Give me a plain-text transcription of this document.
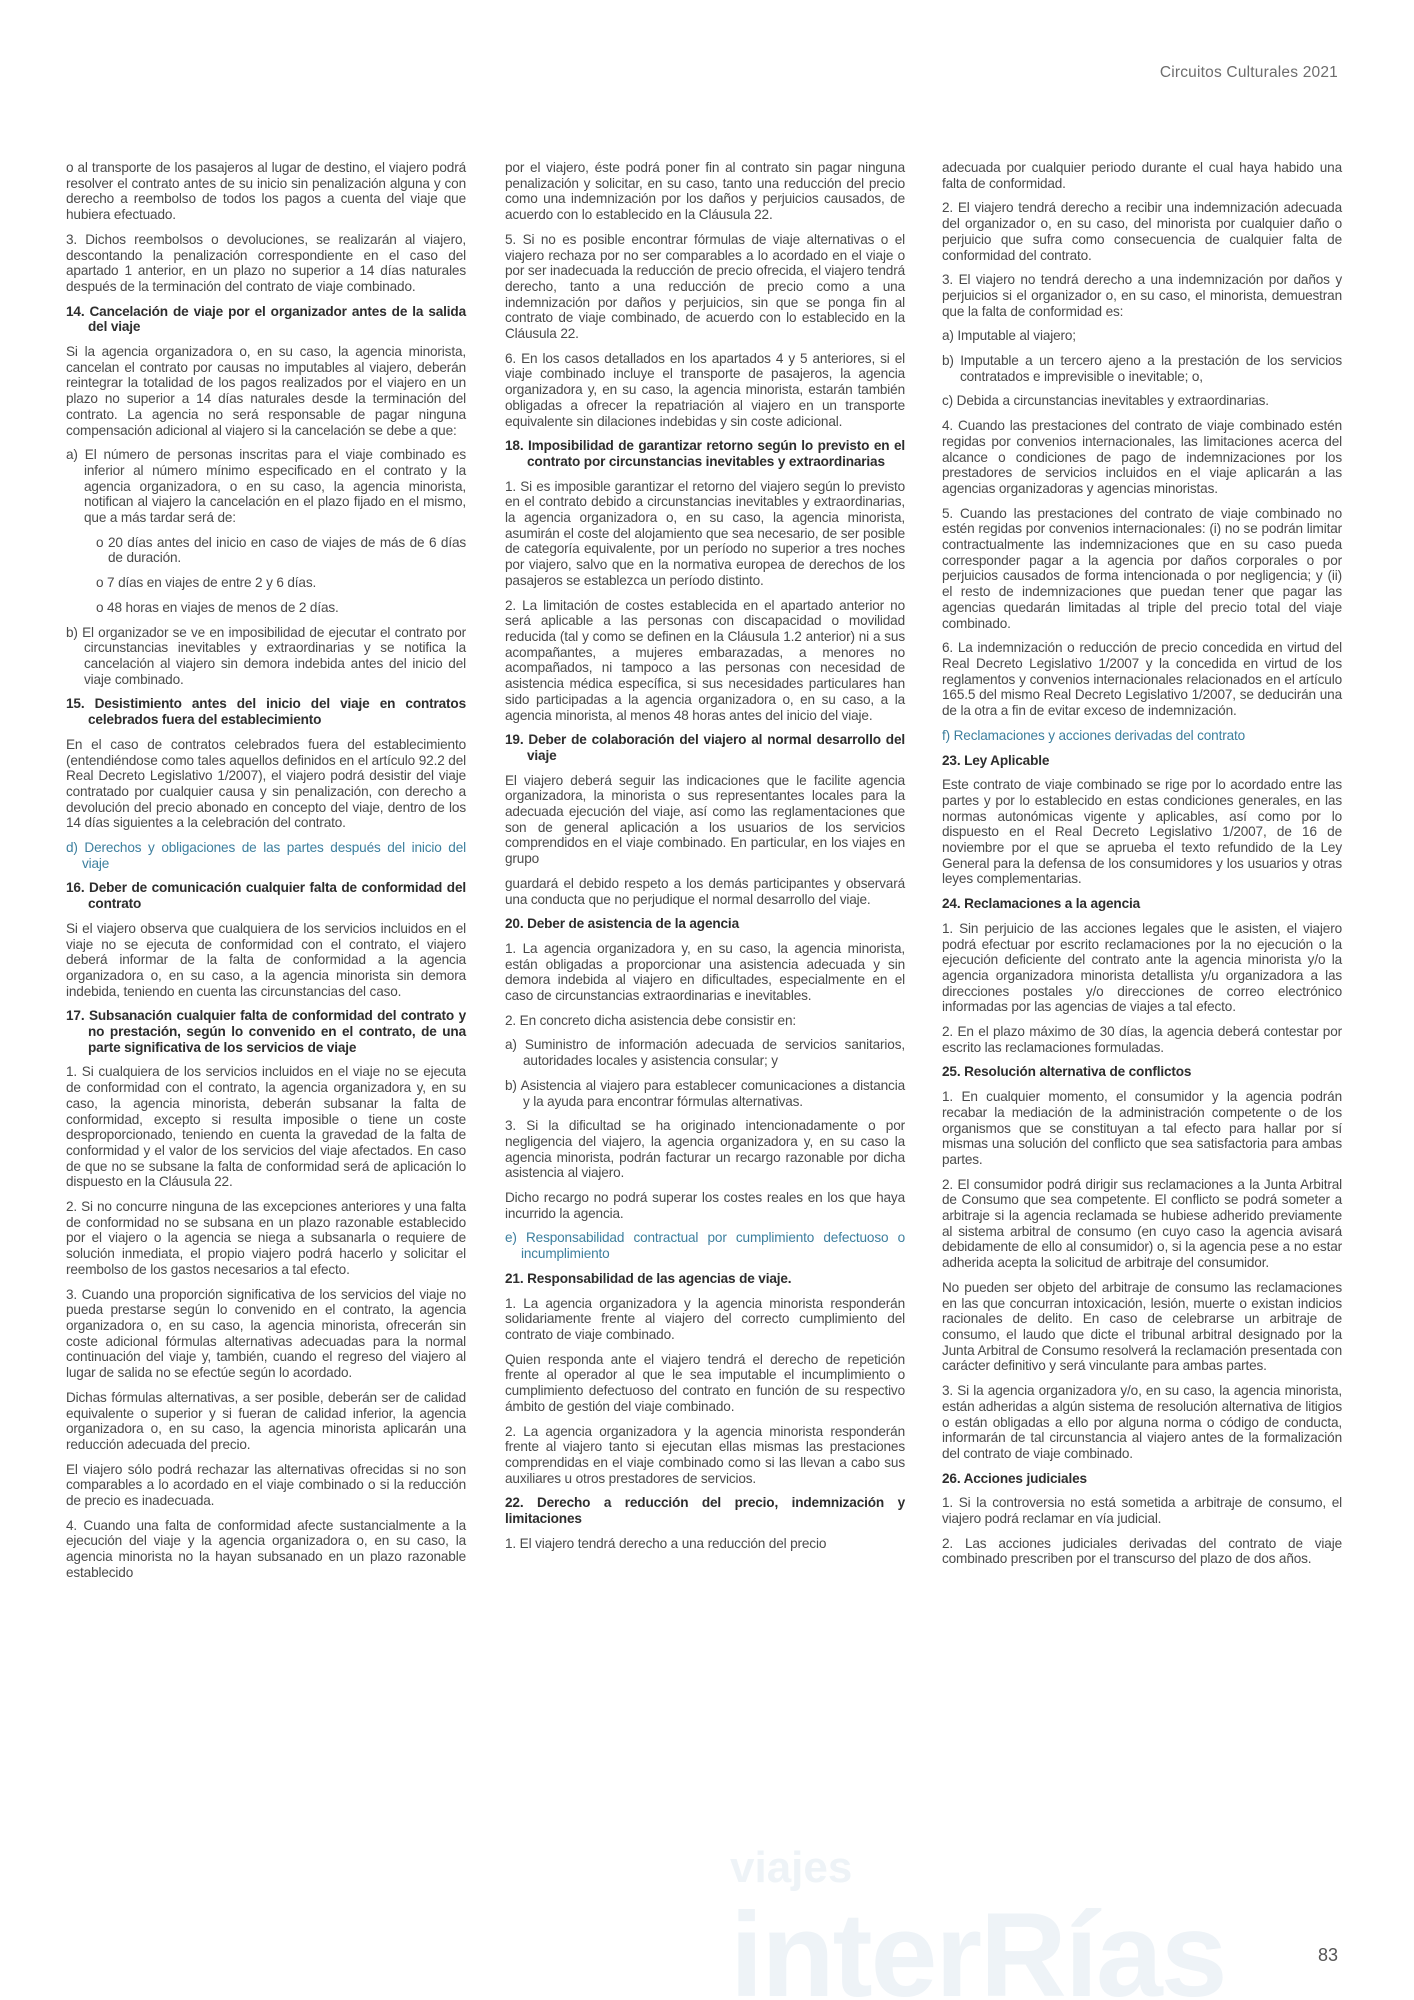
Circuitos Culturales 2021
viajes
interRías

o al transporte de los pasajeros al lugar de destino, el viajero podrá resolver el contrato antes de su inicio sin penalización alguna y con derecho a reembolso de todos los pagos a cuenta del viaje que hubiera efectuado.

3. Dichos reembolsos o devoluciones, se realizarán al viajero, descontando la penalización correspondiente en el caso del apartado 1 anterior, en un plazo no superior a 14 días naturales después de la terminación del contrato de viaje combinado.

14. Cancelación de viaje por el organizador antes de la salida del viaje

Si la agencia organizadora o, en su caso, la agencia minorista, cancelan el contrato por causas no imputables al viajero, deberán reintegrar la totalidad de los pagos realizados por el viajero en un plazo no superior a 14 días naturales desde la terminación del contrato. La agencia no será responsable de pagar ninguna compensación adicional al viajero si la cancelación se debe a que:

a) El número de personas inscritas para el viaje combinado es inferior al número mínimo especificado en el contrato y la agencia organizadora, o en su caso, la agencia minorista, notifican al viajero la cancelación en el plazo fijado en el mismo, que a más tardar será de:

o 20 días antes del inicio en caso de viajes de más de 6 días de duración.

o 7 días en viajes de entre 2 y 6 días.

o 48 horas en viajes de menos de 2 días.

b) El organizador se ve en imposibilidad de ejecutar el contrato por circunstancias inevitables y extraordinarias y se notifica la cancelación al viajero sin demora indebida antes del inicio del viaje combinado.

15. Desistimiento antes del inicio del viaje en contratos celebrados fuera del establecimiento

En el caso de contratos celebrados fuera del establecimiento (entendiéndose como tales aquellos definidos en el artículo 92.2 del Real Decreto Legislativo 1/2007), el viajero podrá desistir del viaje contratado por cualquier causa y sin penalización, con derecho a devolución del precio abonado en concepto del viaje, dentro de los 14 días siguientes a la celebración del contrato.

d) Derechos y obligaciones de las partes después del inicio del viaje
16. Deber de comunicación cualquier falta de conformidad del contrato

Si el viajero observa que cualquiera de los servicios incluidos en el viaje no se ejecuta de conformidad con el contrato, el viajero deberá informar de la falta de conformidad a la agencia organizadora o, en su caso, a la agencia minorista sin demora indebida, teniendo en cuenta las circunstancias del caso.

17. Subsanación cualquier falta de conformidad del contrato y no prestación, según lo convenido en el contrato, de una parte significativa de los servicios de viaje

1. Si cualquiera de los servicios incluidos en el viaje no se ejecuta de conformidad con el contrato, la agencia organizadora y, en su caso, la agencia minorista, deberán subsanar la falta de conformidad, excepto si resulta imposible o tiene un coste desproporcionado, teniendo en cuenta la gravedad de la falta de conformidad y el valor de los servicios del viaje afectados. En caso de que no se subsane la falta de conformidad será de aplicación lo dispuesto en la Cláusula 22.

2. Si no concurre ninguna de las excepciones anteriores y una falta de conformidad no se subsana en un plazo razonable establecido por el viajero o la agencia se niega a subsanarla o requiere de solución inmediata, el propio viajero podrá hacerlo y solicitar el reembolso de los gastos necesarios a tal efecto.

3. Cuando una proporción significativa de los servicios del viaje no pueda prestarse según lo convenido en el contrato, la agencia organizadora o, en su caso, la agencia minorista, ofrecerán sin coste adicional fórmulas alternativas adecuadas para la normal continuación del viaje y, también, cuando el regreso del viajero al lugar de salida no se efectúe según lo acordado.

Dichas fórmulas alternativas, a ser posible, deberán ser de calidad equivalente o superior y si fueran de calidad inferior, la agencia organizadora o, en su caso, la agencia minorista aplicarán una reducción adecuada del precio.

El viajero sólo podrá rechazar las alternativas ofrecidas si no son comparables a lo acordado en el viaje combinado o si la reducción de precio es inadecuada.

4. Cuando una falta de conformidad afecte sustancialmente a la ejecución del viaje y la agencia organizadora o, en su caso, la agencia minorista no la hayan subsanado en un plazo razonable establecido

por el viajero, éste podrá poner fin al contrato sin pagar ninguna penalización y solicitar, en su caso, tanto una reducción del precio como una indemnización por los daños y perjuicios causados, de acuerdo con lo establecido en la Cláusula 22.

5. Si no es posible encontrar fórmulas de viaje alternativas o el viajero rechaza por no ser comparables a lo acordado en el viaje o por ser inadecuada la reducción de precio ofrecida, el viajero tendrá derecho, tanto a una reducción de precio como a una indemnización por daños y perjuicios, sin que se ponga fin al contrato de viaje combinado, de acuerdo con lo establecido en la Cláusula 22.

6. En los casos detallados en los apartados 4 y 5 anteriores, si el viaje combinado incluye el transporte de pasajeros, la agencia organizadora y, en su caso, la agencia minorista, estarán también obligadas a ofrecer la repatriación al viajero en un transporte equivalente sin dilaciones indebidas y sin coste adicional.

18. Imposibilidad de garantizar retorno según lo previsto en el contrato por circunstancias inevitables y extraordinarias

1. Si es imposible garantizar el retorno del viajero según lo previsto en el contrato debido a circunstancias inevitables y extraordinarias, la agencia organizadora o, en su caso, la agencia minorista, asumirán el coste del alojamiento que sea necesario, de ser posible de categoría equivalente, por un período no superior a tres noches por viajero, salvo que en la normativa europea de derechos de los pasajeros se establezca un período distinto.

2. La limitación de costes establecida en el apartado anterior no será aplicable a las personas con discapacidad o movilidad reducida (tal y como se definen en la Cláusula 1.2 anterior) ni a sus acompañantes, a mujeres embarazadas, a menores no acompañados, ni tampoco a las personas con necesidad de asistencia médica específica, si sus necesidades particulares han sido participadas a la agencia organizadora o, en su caso, a la agencia minorista, al menos 48 horas antes del inicio del viaje.

19. Deber de colaboración del viajero al normal desarrollo del viaje

El viajero deberá seguir las indicaciones que le facilite agencia organizadora, la minorista o sus representantes locales para la adecuada ejecución del viaje, así como las reglamentaciones que son de general aplicación a los usuarios de los servicios comprendidos en el viaje combinado. En particular, en los viajes en grupo

guardará el debido respeto a los demás participantes y observará una conducta que no perjudique el normal desarrollo del viaje.

20. Deber de asistencia de la agencia

1. La agencia organizadora y, en su caso, la agencia minorista, están obligadas a proporcionar una asistencia adecuada y sin demora indebida al viajero en dificultades, especialmente en el caso de circunstancias extraordinarias e inevitables.

2. En concreto dicha asistencia debe consistir en:

a) Suministro de información adecuada de servicios sanitarios, autoridades locales y asistencia consular; y

b) Asistencia al viajero para establecer comunicaciones a distancia y la ayuda para encontrar fórmulas alternativas.

3. Si la dificultad se ha originado intencionadamente o por negligencia del viajero, la agencia organizadora y, en su caso la agencia minorista, podrán facturar un recargo razonable por dicha asistencia al viajero.

Dicho recargo no podrá superar los costes reales en los que haya incurrido la agencia.

e) Responsabilidad contractual por cumplimiento defectuoso o incumplimiento
21. Responsabilidad de las agencias de viaje.

1. La agencia organizadora y la agencia minorista responderán solidariamente frente al viajero del correcto cumplimiento del contrato de viaje combinado.

Quien responda ante el viajero tendrá el derecho de repetición frente al operador al que le sea imputable el incumplimiento o cumplimiento defectuoso del contrato en función de su respectivo ámbito de gestión del viaje combinado.

2. La agencia organizadora y la agencia minorista responderán frente al viajero tanto si ejecutan ellas mismas las prestaciones comprendidas en el viaje combinado como si las llevan a cabo sus auxiliares u otros prestadores de servicios.

22. Derecho a reducción del precio, indemnización y limitaciones

1. El viajero tendrá derecho a una reducción del precio

adecuada por cualquier periodo durante el cual haya habido una falta de conformidad.

2. El viajero tendrá derecho a recibir una indemnización adecuada del organizador o, en su caso, del minorista por cualquier daño o perjuicio que sufra como consecuencia de cualquier falta de conformidad del contrato.

3. El viajero no tendrá derecho a una indemnización por daños y perjuicios si el organizador o, en su caso, el minorista, demuestran que la falta de conformidad es:

a) Imputable al viajero;

b) Imputable a un tercero ajeno a la prestación de los servicios contratados e imprevisible o inevitable; o,

c) Debida a circunstancias inevitables y extraordinarias.

4. Cuando las prestaciones del contrato de viaje combinado estén regidas por convenios internacionales, las limitaciones acerca del alcance o condiciones de pago de indemnizaciones por los prestadores de servicios incluidos en el viaje aplicarán a las agencias organizadoras y agencias minoristas.

5. Cuando las prestaciones del contrato de viaje combinado no estén regidas por convenios internacionales: (i) no se podrán limitar contractualmente las indemnizaciones que en su caso pueda corresponder pagar a la agencia por daños corporales o por perjuicios causados de forma intencionada o por negligencia; y (ii) el resto de indemnizaciones que puedan tener que pagar las agencias quedarán limitadas al triple del precio total del viaje combinado.

6. La indemnización o reducción de precio concedida en virtud del Real Decreto Legislativo 1/2007 y la concedida en virtud de los reglamentos y convenios internacionales relacionados en el artículo 165.5 del mismo Real Decreto Legislativo 1/2007, se deducirán una de la otra a fin de evitar exceso de indemnización.

f) Reclamaciones y acciones derivadas del contrato
23. Ley Aplicable

Este contrato de viaje combinado se rige por lo acordado entre las partes y por lo establecido en estas condiciones generales, en las normas autonómicas vigente y aplicables, así como por lo dispuesto en el Real Decreto Legislativo 1/2007, de 16 de noviembre por el que se aprueba el texto refundido de la Ley General para la defensa de los consumidores y los usuarios y otras leyes complementarias.

24. Reclamaciones a la agencia

1. Sin perjuicio de las acciones legales que le asisten, el viajero podrá efectuar por escrito reclamaciones por la no ejecución o la ejecución deficiente del contrato ante la agencia minorista y/o la agencia organizadora minorista detallista y/u organizadora a las direcciones postales y/o direcciones de correo electrónico informadas por las agencias de viajes a tal efecto.

2. En el plazo máximo de 30 días, la agencia deberá contestar por escrito las reclamaciones formuladas.

25. Resolución alternativa de conflictos

1. En cualquier momento, el consumidor y la agencia podrán recabar la mediación de la administración competente o de los organismos que se constituyan a tal efecto para hallar por sí mismas una solución del conflicto que sea satisfactoria para ambas partes.

2. El consumidor podrá dirigir sus reclamaciones a la Junta Arbitral de Consumo que sea competente. El conflicto se podrá someter a arbitraje si la agencia reclamada se hubiese adherido previamente al sistema arbitral de consumo (en cuyo caso la agencia avisará debidamente de ello al consumidor) o, si la agencia pese a no estar adherida acepta la solicitud de arbitraje del consumidor.

No pueden ser objeto del arbitraje de consumo las reclamaciones en las que concurran intoxicación, lesión, muerte o existan indicios racionales de delito. En caso de celebrarse un arbitraje de consumo, el laudo que dicte el tribunal arbitral designado por la Junta Arbitral de Consumo resolverá la reclamación presentada con carácter definitivo y será vinculante para ambas partes.

3. Si la agencia organizadora y/o, en su caso, la agencia minorista, están adheridas a algún sistema de resolución alternativa de litigios o están obligadas a ello por alguna norma o código de conducta, informarán de tal circunstancia al viajero antes de la formalización del contrato de viaje combinado.

26. Acciones judiciales

1. Si la controversia no está sometida a arbitraje de consumo, el viajero podrá reclamar en vía judicial.

2. Las acciones judiciales derivadas del contrato de viaje combinado prescriben por el transcurso del plazo de dos años.

83
